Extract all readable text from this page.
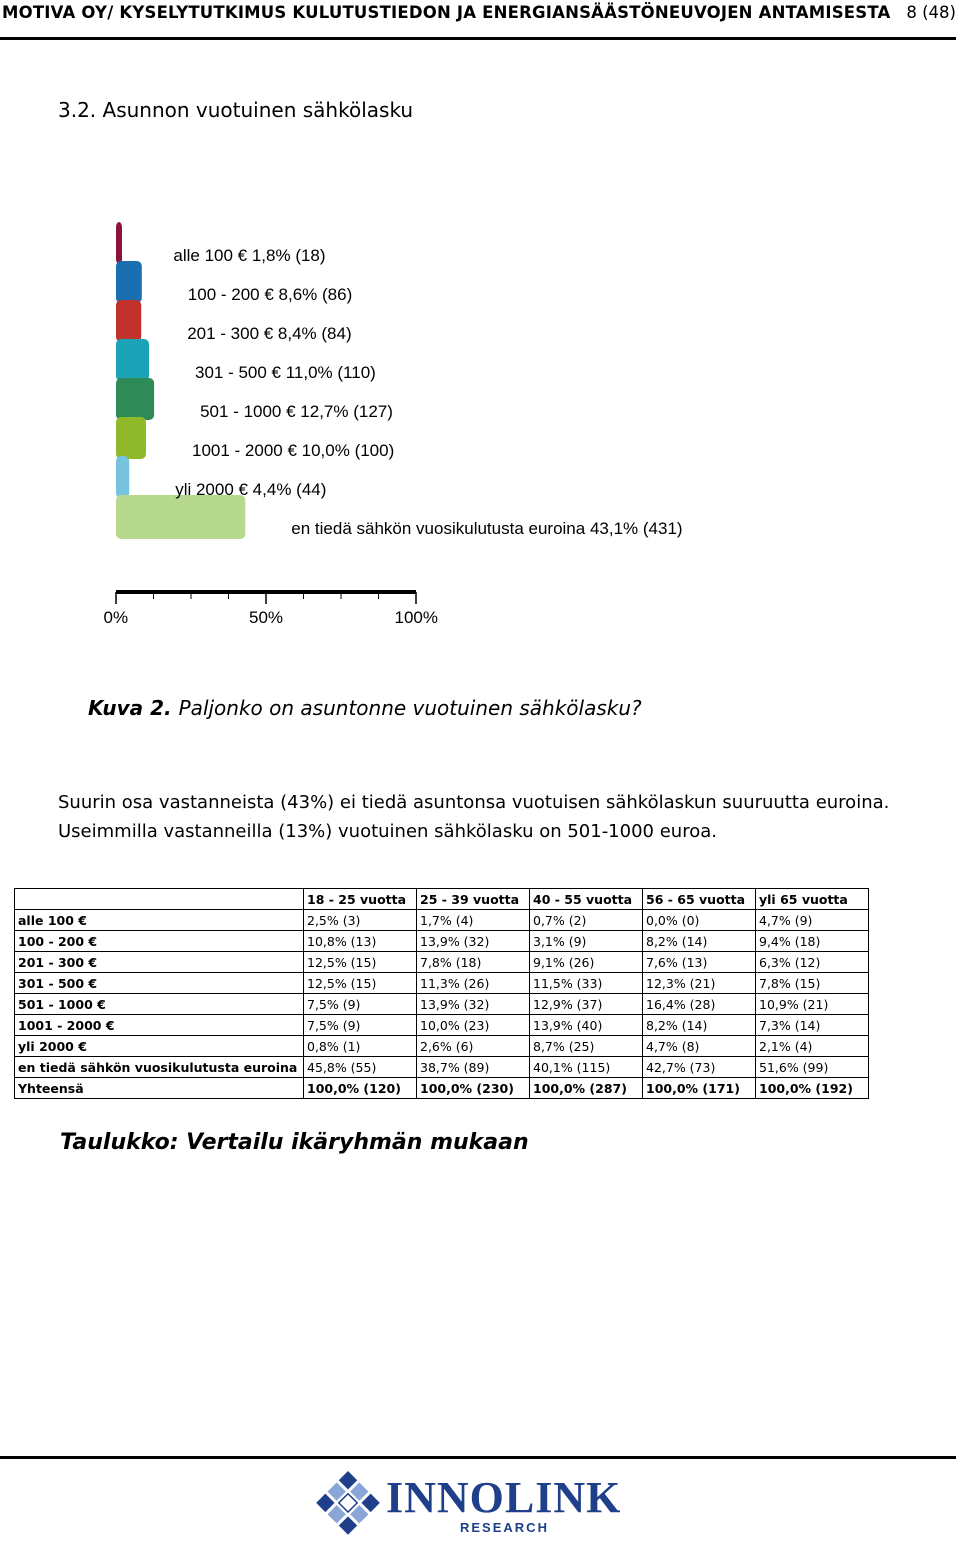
MOTIVA OY/ KYSELYTUTKIMUS KULUTUSTIEDON JA ENERGIANSÄÄSTÖNEUVOJEN ANTAMISESTA 8 (48)
3.2. Asunnon vuotuinen sähkölasku
alle 100 € 1,8% (18)
100 - 200 € 8,6% (86)
201 - 300 € 8,4% (84)
301 - 500 € 11,0% (110)
501 - 1000 € 12,7% (127)
1001 - 2000 € 10,0% (100)
yli 2000 € 4,4% (44)
en tiedä sähkön vuosikulutusta euroina 43,1% (431)
0%	50%	100%
Kuva 2. Paljonko on asuntonne vuotuinen sähkölasku?
Suurin osa vastanneista (43%) ei tiedä asuntonsa vuotuisen sähkölaskun suuruutta euroina. Useimmilla vastanneilla (13%) vuotuinen sähkölasku on 501-1000 euroa.
	18 - 25 vuotta	25 - 39 vuotta	40 - 55 vuotta	56 - 65 vuotta	yli 65 vuotta
alle 100 €	2,5% (3)	1,7% (4)	0,7% (2)	0,0% (0)	4,7% (9)
100 - 200 €	10,8% (13)	13,9% (32)	3,1% (9)	8,2% (14)	9,4% (18)
201 - 300 €	12,5% (15)	7,8% (18)	9,1% (26)	7,6% (13)	6,3% (12)
301 - 500 €	12,5% (15)	11,3% (26)	11,5% (33)	12,3% (21)	7,8% (15)
501 - 1000 €	7,5% (9)	13,9% (32)	12,9% (37)	16,4% (28)	10,9% (21)
1001 - 2000 €	7,5% (9)	10,0% (23)	13,9% (40)	8,2% (14)	7,3% (14)
yli 2000 €	0,8% (1)	2,6% (6)	8,7% (25)	4,7% (8)	2,1% (4)
en tiedä sähkön vuosikulutusta euroina	45,8% (55)	38,7% (89)	40,1% (115)	42,7% (73)	51,6% (99)
Yhteensä	100,0% (120)	100,0% (230)	100,0% (287)	100,0% (171)	100,0% (192)
Taulukko: Vertailu ikäryhmän mukaan
INNOLINK
RESEARCH
